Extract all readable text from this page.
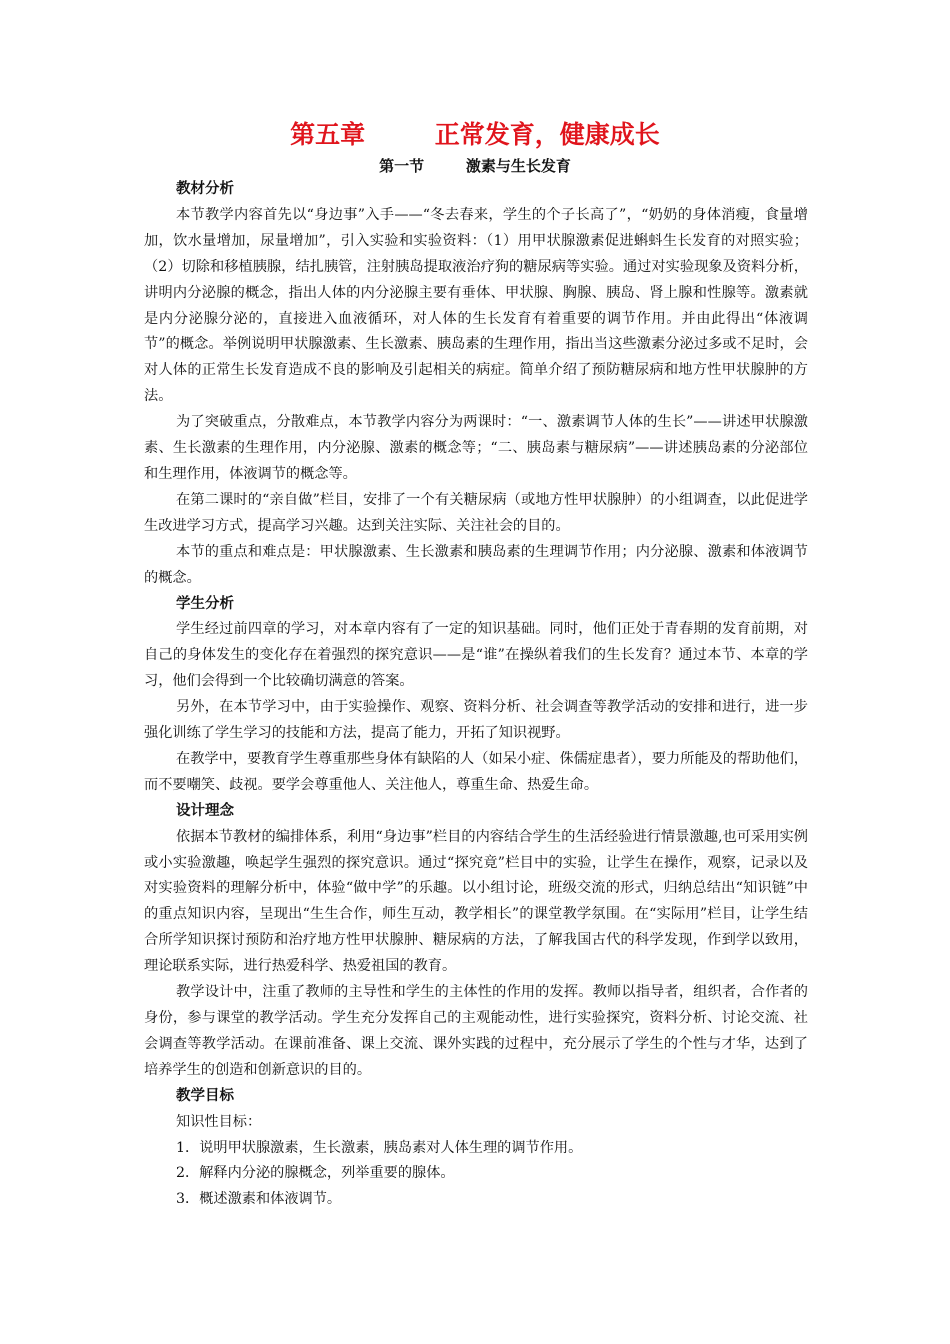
第五章        正常发育，健康成长
第一节        激素与生长发育
教材分析
本节教学内容首先以“身边事”入手——“冬去春来，学生的个子长高了”，“奶奶的身体消瘦，食量增加，饮水量增加，尿量增加”，引入实验和实验资料：（1）用甲状腺激素促进蝌蚪生长发育的对照实验；（2）切除和移植胰腺，结扎胰管，注射胰岛提取液治疗狗的糖尿病等实验。通过对实验现象及资料分析，讲明内分泌腺的概念，指出人体的内分泌腺主要有垂体、甲状腺、胸腺、胰岛、肾上腺和性腺等。激素就是内分泌腺分泌的，直接进入血液循环，对人体的生长发育有着重要的调节作用。并由此得出“体液调节”的概念。举例说明甲状腺激素、生长激素、胰岛素的生理作用，指出当这些激素分泌过多或不足时，会对人体的正常生长发育造成不良的影响及引起相关的病症。简单介绍了预防糖尿病和地方性甲状腺肿的方法。
为了突破重点，分散难点，本节教学内容分为两课时：“一、激素调节人体的生长”——讲述甲状腺激素、生长激素的生理作用，内分泌腺、激素的概念等；“二、胰岛素与糖尿病”——讲述胰岛素的分泌部位和生理作用，体液调节的概念等。
在第二课时的“亲自做”栏目，安排了一个有关糖尿病（或地方性甲状腺肿）的小组调查，以此促进学生改进学习方式，提高学习兴趣。达到关注实际、关注社会的目的。
本节的重点和难点是：甲状腺激素、生长激素和胰岛素的生理调节作用；内分泌腺、激素和体液调节的概念。
学生分析
学生经过前四章的学习，对本章内容有了一定的知识基础。同时，他们正处于青春期的发育前期，对自己的身体发生的变化存在着强烈的探究意识——是“谁”在操纵着我们的生长发育？通过本节、本章的学习，他们会得到一个比较确切满意的答案。
另外，在本节学习中，由于实验操作、观察、资料分析、社会调查等教学活动的安排和进行，进一步强化训练了学生学习的技能和方法，提高了能力，开拓了知识视野。
在教学中，要教育学生尊重那些身体有缺陷的人（如呆小症、侏儒症患者），要力所能及的帮助他们，而不要嘲笑、歧视。要学会尊重他人、关注他人，尊重生命、热爱生命。
设计理念
依据本节教材的编排体系，利用“身边事”栏目的内容结合学生的生活经验进行情景激趣,也可采用实例或小实验激趣，唤起学生强烈的探究意识。通过“探究竟”栏目中的实验，让学生在操作，观察，记录以及对实验资料的理解分析中，体验“做中学”的乐趣。以小组讨论，班级交流的形式，归纳总结出“知识链”中的重点知识内容，呈现出“生生合作，师生互动，教学相长”的课堂教学氛围。在“实际用”栏目，让学生结合所学知识探讨预防和治疗地方性甲状腺肿、糖尿病的方法，了解我国古代的科学发现，作到学以致用，理论联系实际，进行热爱科学、热爱祖国的教育。
教学设计中，注重了教师的主导性和学生的主体性的作用的发挥。教师以指导者，组织者，合作者的身份，参与课堂的教学活动。学生充分发挥自己的主观能动性，进行实验探究，资料分析、讨论交流、社会调查等教学活动。在课前准备、课上交流、课外实践的过程中，充分展示了学生的个性与才华，达到了培养学生的创造和创新意识的目的。
教学目标
知识性目标：
1．说明甲状腺激素，生长激素，胰岛素对人体生理的调节作用。
2．解释内分泌的腺概念，列举重要的腺体。
3．概述激素和体液调节。
